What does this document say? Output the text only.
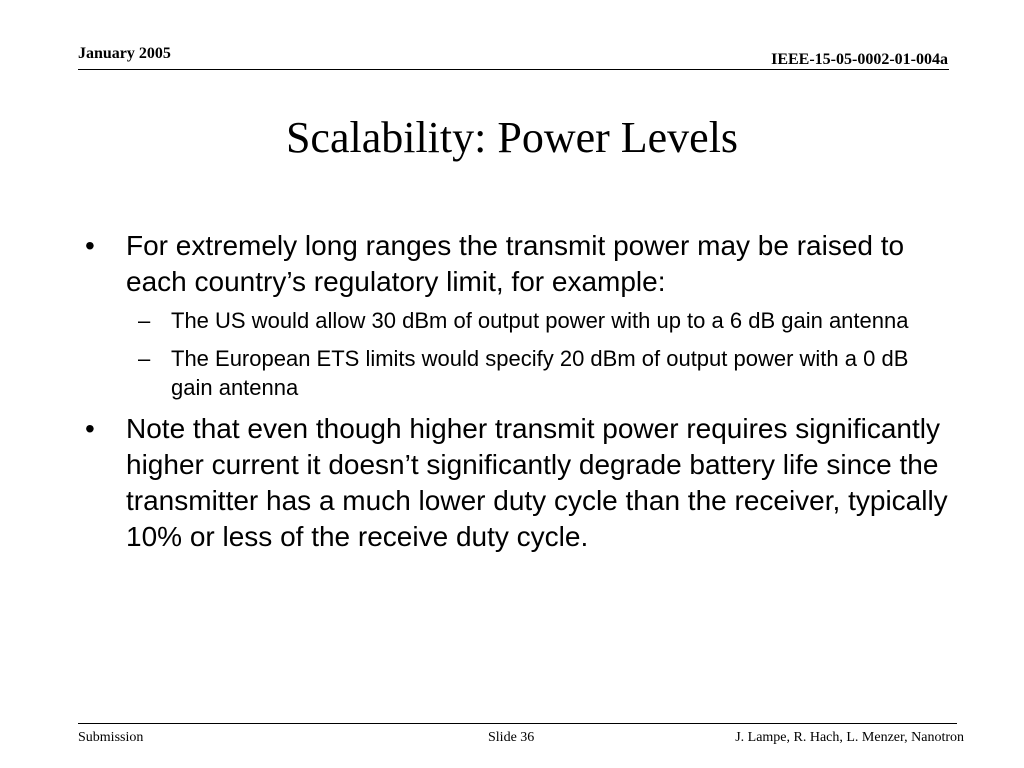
January 2005	IEEE-15-05-0002-01-004a
Scalability: Power Levels
• For extremely long ranges the transmit power may be raised to each country’s regulatory limit, for example:
– The US would allow 30 dBm of output power with up to a 6 dB gain antenna
– The European ETS limits would specify 20 dBm of output power with a 0 dB gain antenna
• Note that even though higher transmit power requires significantly higher current it doesn’t significantly degrade battery life since the transmitter has a much lower duty cycle than the receiver, typically 10% or less of the receive duty cycle.
Submission	Slide 36	J. Lampe, R. Hach, L. Menzer, Nanotron
